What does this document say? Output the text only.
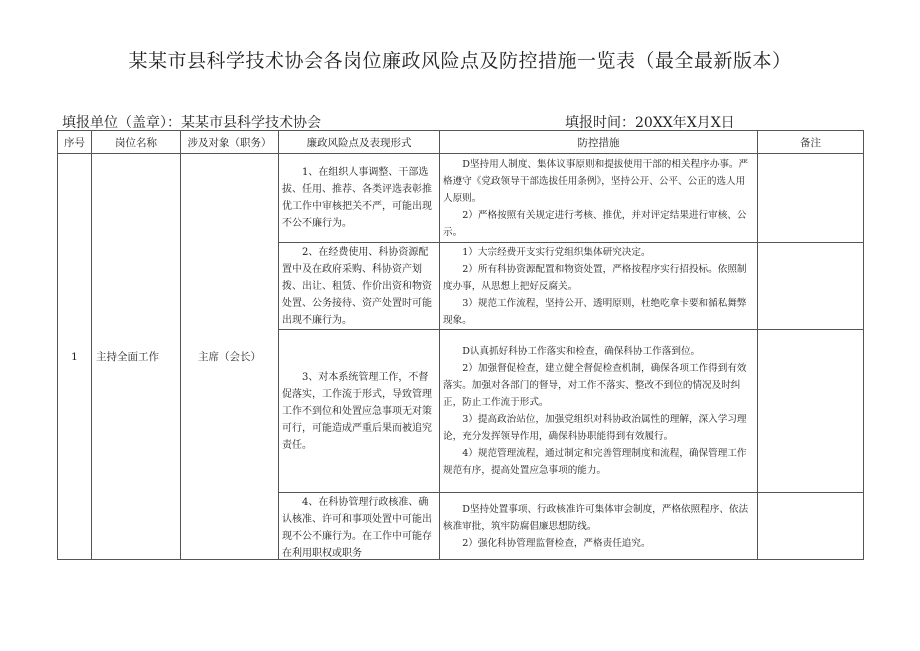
某某市县科学技术协会各岗位廉政风险点及防控措施一览表（最全最新版本）
填报单位（盖章）：某某市县科学技术协会	填报时间：20XX年X月X日
序号	岗位名称	涉及对象（职务）	廉政风险点及表现形式	防控措施	备注
1	主持全面工作	主席（会长）	1、在组织人事调整、干部选拔、任用、推荐、各类评选表彰推优工作中审核把关不严，可能出现不公不廉行为。	D坚持用人制度、集体议事原则和提拔使用干部的相关程序办事。严格遵守《党政领导干部选拔任用条例》，坚持公开、公平、公正的选人用人原则。
2）严格按照有关规定进行考核、推优，并对评定结果进行审核、公示。	

			2、在经费使用、科协资源配置中及在政府采购、科协资产划拨、出让、租赁、作价出资和物资处置、公务接待、资产处置时可能出现不廉行为。	1）大宗经费开支实行党组织集体研究决定。
2）所有科协资源配置和物资处置，严格按程序实行招投标。依照制度办事，从思想上把好反腐关。
3）规范工作流程，坚持公开、透明原则，杜绝吃拿卡要和循私舞弊现象。	

			3、对本系统管理工作，不督促落实，工作流于形式，导致管理工作不到位和处置应急事项无对策可行，可能造成严重后果而被追究责任。	D认真抓好科协工作落实和检查，确保科协工作落到位。
2）加强督促检查，建立健全督促检查机制，确保各项工作得到有效落实。加强对各部门的督导，对工作不落实、整改不到位的情况及时纠正，防止工作流于形式。
3）提高政治站位，加强党组织对科协政治属性的理解，深入学习理论，充分发挥领导作用，确保科协职能得到有效履行。
4）规范管理流程，通过制定和完善管理制度和流程，确保管理工作规范有序，提高处置应急事项的能力。	

			4、在科协管理行政核准、确认核准、许可和事项处置中可能出现不公不廉行为。在工作中可能存在利用职权或职务	D坚持处置事项、行政核准许可集体审会制度，严格依照程序、依法核准审批，筑牢防腐倡廉思想防线。
2）强化科协管理监督检查，严格责任追究。	
